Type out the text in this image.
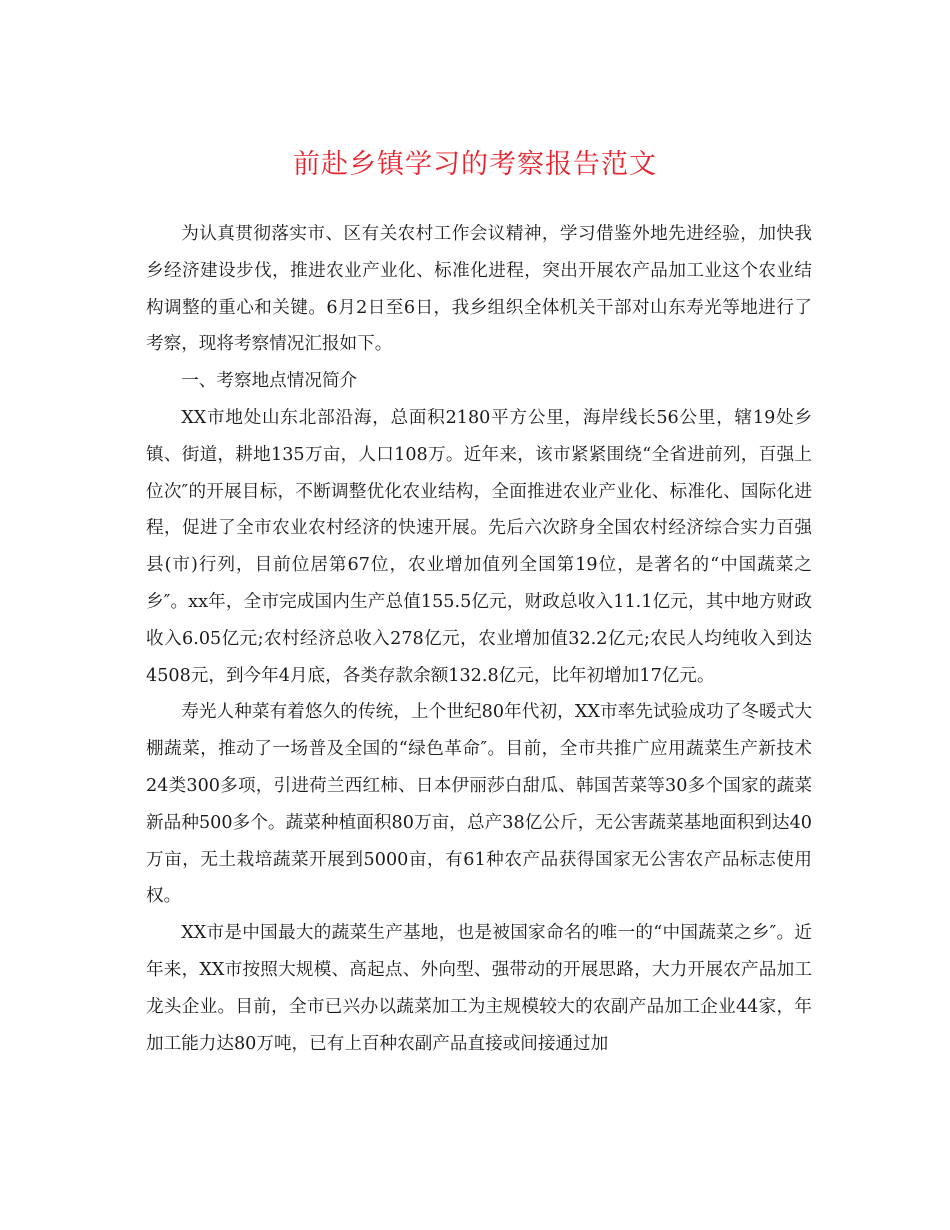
前赴乡镇学习的考察报告范文

为认真贯彻落实市、区有关农村工作会议精神，学习借鉴外地先进经验，加快我乡经济建设步伐，推进农业产业化、标准化进程，突出开展农产品加工业这个农业结构调整的重心和关键。6月2日至6日，我乡组织全体机关干部对山东寿光等地进行了考察，现将考察情况汇报如下。

一、考察地点情况简介

XX市地处山东北部沿海，总面积2180平方公里，海岸线长56公里，辖19处乡镇、街道，耕地135万亩，人口108万。近年来，该市紧紧围绕“全省进前列，百强上位次″的开展目标，不断调整优化农业结构，全面推进农业产业化、标准化、国际化进程，促进了全市农业农村经济的快速开展。先后六次跻身全国农村经济综合实力百强县(市)行列，目前位居第67位，农业增加值列全国第19位，是著名的“中国蔬菜之乡″。xx年，全市完成国内生产总值155.5亿元，财政总收入11.1亿元，其中地方财政收入6.05亿元;农村经济总收入278亿元，农业增加值32.2亿元;农民人均纯收入到达4508元，到今年4月底，各类存款余额132.8亿元，比年初增加17亿元。

寿光人种菜有着悠久的传统，上个世纪80年代初，XX市率先试验成功了冬暖式大棚蔬菜，推动了一场普及全国的“绿色革命″。目前，全市共推广应用蔬菜生产新技术24类300多项，引进荷兰西红柿、日本伊丽莎白甜瓜、韩国苦菜等30多个国家的蔬菜新品种500多个。蔬菜种植面积80万亩，总产38亿公斤，无公害蔬菜基地面积到达40万亩，无土栽培蔬菜开展到5000亩，有61种农产品获得国家无公害农产品标志使用权。

XX市是中国最大的蔬菜生产基地，也是被国家命名的唯一的“中国蔬菜之乡″。近年来，XX市按照大规模、高起点、外向型、强带动的开展思路，大力开展农产品加工龙头企业。目前，全市已兴办以蔬菜加工为主规模较大的农副产品加工企业44家，年加工能力达80万吨，已有上百种农副产品直接或间接通过加
